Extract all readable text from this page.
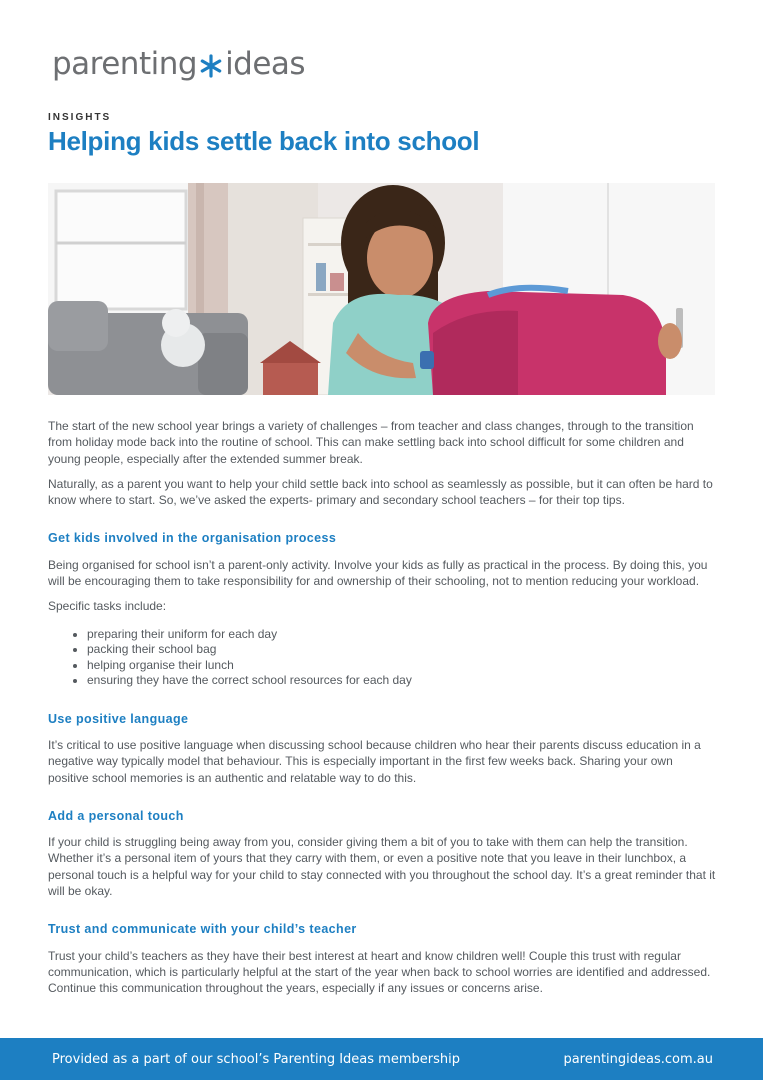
parenting ideas
INSIGHTS
Helping kids settle back into school

The start of the new school year brings a variety of challenges – from teacher and class changes, through to the transition from holiday mode back into the routine of school. This can make settling back into school difficult for some children and young people, especially after the extended summer break.

Naturally, as a parent you want to help your child settle back into school as seamlessly as possible, but it can often be hard to know where to start. So, we’ve asked the experts- primary and secondary school teachers – for their top tips.

Get kids involved in the organisation process

Being organised for school isn’t a parent-only activity. Involve your kids as fully as practical in the process. By doing this, you will be encouraging them to take responsibility for and ownership of their schooling, not to mention reducing your workload.

Specific tasks include:

• preparing their uniform for each day
• packing their school bag
• helping organise their lunch
• ensuring they have the correct school resources for each day
Use positive language

It’s critical to use positive language when discussing school because children who hear their parents discuss education in a negative way typically model that behaviour. This is especially important in the first few weeks back. Sharing your own positive school memories is an authentic and relatable way to do this.

Add a personal touch

If your child is struggling being away from you, consider giving them a bit of you to take with them can help the transition. Whether it’s a personal item of yours that they carry with them, or even a positive note that you leave in their lunchbox, a personal touch is a helpful way for your child to stay connected with you throughout the school day. It’s a great reminder that it will be okay.

Trust and communicate with your child’s teacher

Trust your child’s teachers as they have their best interest at heart and know children well! Couple this trust with regular communication, which is particularly helpful at the start of the year when back to school worries are identified and addressed. Continue this communication throughout the years, especially if any issues or concerns arise.

Provided as a part of our school’s Parenting Ideas membership	parentingideas.com.au
